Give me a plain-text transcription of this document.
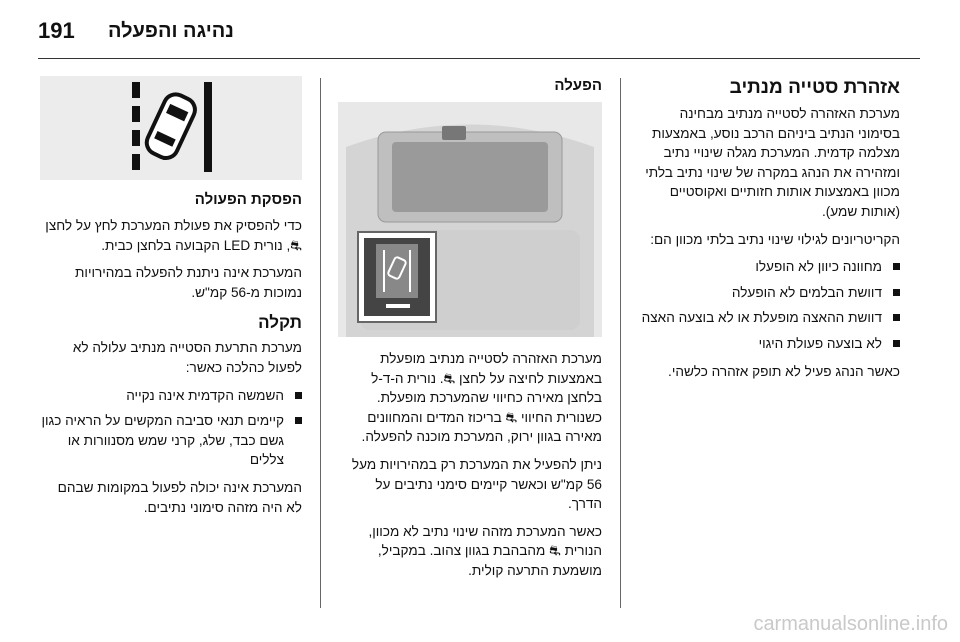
191 נהיגה והפעלה
אזהרת סטייה מנתיב

מערכת האזהרה לסטייה מנתיב מבחינה בסימוני הנתיב ביניהם הרכב נוסע, באמצעות מצלמה קדמית. המערכת מגלה שינויי נתיב ומזהירה את הנהג במקרה של שינוי נתיב בלתי מכוון באמצעות אותות חזותיים ואקוסטיים (אותות שמע).

הקריטריונים לגילוי שינוי נתיב בלתי מכוון הם:

מחוונה כיוון לא הופעלו
דוושת הבלמים לא הופעלה
דוושת ההאצה מופעלת או לא בוצעה האצה
לא בוצעה פעולת היגוי

כאשר הנהג פעיל לא תופק אזהרה כלשהי.

הפעלה

מערכת האזהרה לסטייה מנתיב מופעלת באמצעות לחיצה על לחצן ⛐. נורית ה-ד-ל בלחצן מאירה כחיווי שהמערכת מופעלת. כשנורית החיווי ⛐ בריכוז המדים והמחוונים מאירה בגוון ירוק, המערכת מוכנה להפעלה.

ניתן להפעיל את המערכת רק במהירויות מעל 56 קמ"ש וכאשר קיימים סימני נתיבים על הדרך.

כאשר המערכת מזהה שינוי נתיב לא מכוון, הנורית ⛐ מהבהבת בגוון צהוב. במקביל, מושמעת התרעה קולית.

הפסקת הפעולה

כדי להפסיק את פעולת המערכת לחץ על לחצן ⛐, נורית LED הקבועה בלחצן כבית.

המערכת אינה ניתנת להפעלה במהירויות נמוכות מ-56 קמ"ש.

תקלה

מערכת התרעת הסטייה מנתיב עלולה לא לפעול כהלכה כאשר:

השמשה הקדמית אינה נקייה
קיימים תנאי סביבה המקשים על הראיה כגון גשם כבד, שלג, קרני שמש מסנוורות או צללים

המערכת אינה יכולה לפעול במקומות שבהם לא היה מזהה סימוני נתיבים.

carmanualsonline.info
